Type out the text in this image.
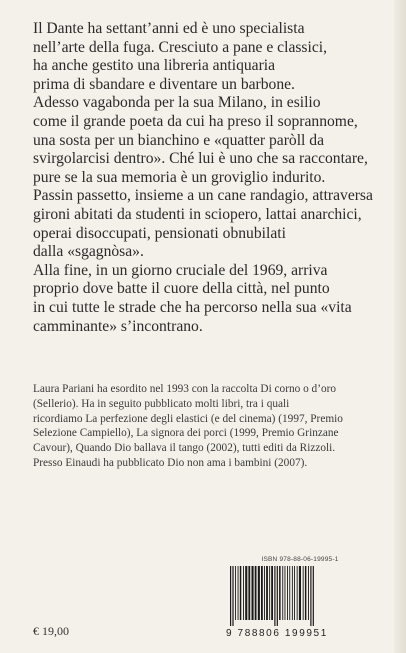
Il Dante ha settant’anni ed è uno specialista
nell’arte della fuga. Cresciuto a pane e classici,
ha anche gestito una libreria antiquaria
prima di sbandare e diventare un barbone.
Adesso vagabonda per la sua Milano, in esilio
come il grande poeta da cui ha preso il soprannome,
una sosta per un bianchino e «quatter paròll da
svirgolarcisi dentro». Ché lui è uno che sa raccontare,
pure se la sua memoria è un groviglio indurito.
Passin passetto, insieme a un cane randagio, attraversa
gironi abitati da studenti in sciopero, lattai anarchici,
operai disoccupati, pensionati obnubilati
dalla «sgagnòsa».
Alla fine, in un giorno cruciale del 1969, arriva
proprio dove batte il cuore della città, nel punto
in cui tutte le strade che ha percorso nella sua «vita
camminante» s’incontrano.
Laura Pariani ha esordito nel 1993 con la raccolta Di corno o d’oro
(Sellerio). Ha in seguito pubblicato molti libri, tra i quali
ricordiamo La perfezione degli elastici (e del cinema) (1997, Premio
Selezione Campiello), La signora dei porci (1999, Premio Grinzane
Cavour), Quando Dio ballava il tango (2002), tutti editi da Rizzoli.
Presso Einaudi ha pubblicato Dio non ama i bambini (2007).
ISBN 978-88-06-19995-1
9 788806 199951
€ 19,00
